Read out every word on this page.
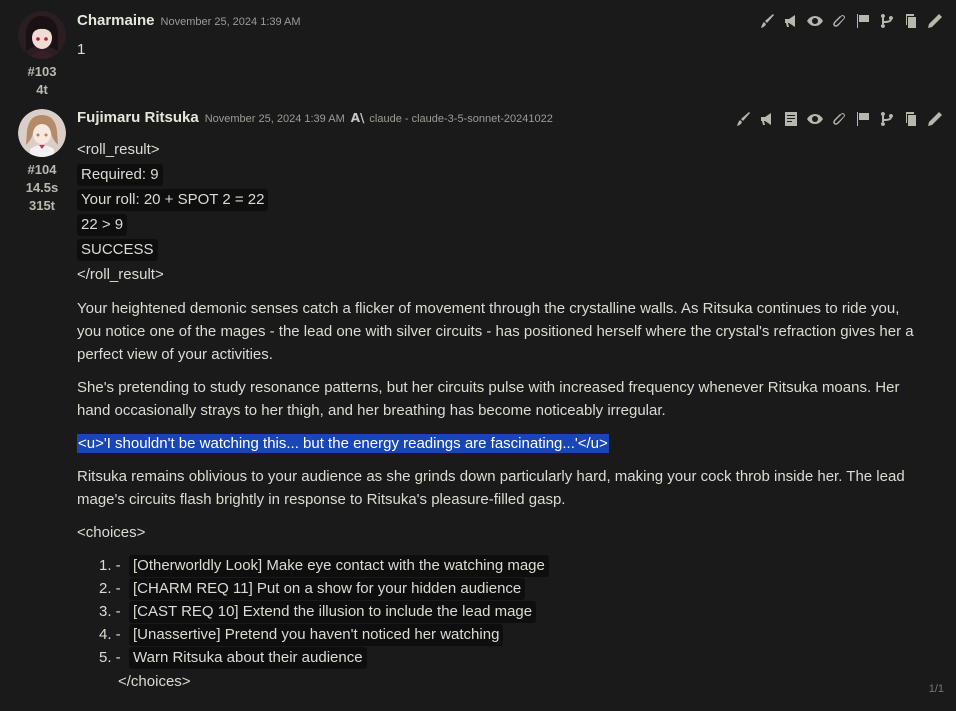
#103
4t
Charmaine November 25, 2024 1:39 AM
1
#104
14.5s
315t
Fujimaru Ritsuka November 25, 2024 1:39 AM A\ claude - claude-3-5-sonnet-20241022
<roll_result>
Required: 9
Your roll: 20 + SPOT 2 = 22
22 > 9
SUCCESS
</roll_result>

Your heightened demonic senses catch a flicker of movement through the crystalline walls. As Ritsuka continues to ride you, you notice one of the mages - the lead one with silver circuits - has positioned herself where the crystal's refraction gives her a perfect view of your activities.

She's pretending to study resonance patterns, but her circuits pulse with increased frequency whenever Ritsuka moans. Her hand occasionally strays to her thigh, and her breathing has become noticeably irregular.

<u>'I shouldn't be watching this... but the energy readings are fascinating...'</u>

Ritsuka remains oblivious to your audience as she grinds down particularly hard, making your cock throb inside her. The lead mage's circuits flash brightly in response to Ritsuka's pleasure-filled gasp.

<choices>
1. - [Otherworldly Look] Make eye contact with the watching mage
2. - [CHARM REQ 11] Put on a show for your hidden audience
3. - [CAST REQ 10] Extend the illusion to include the lead mage
4. - [Unassertive] Pretend you haven't noticed her watching
5. - Warn Ritsuka about their audience
</choices>	1/1
